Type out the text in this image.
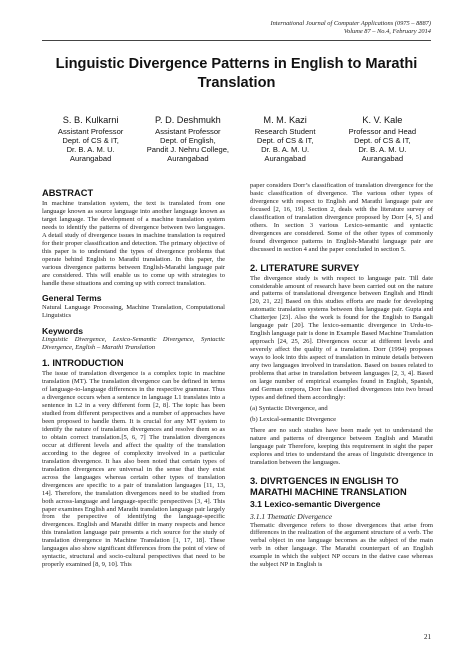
International Journal of Computer Applications (0975 – 8887)
Volume 87 – No.4, February 2014
Linguistic Divergence Patterns in English to Marathi
Translation
S. B. Kulkarni
Assistant Professor
Dept. of CS & IT,
Dr. B. A. M. U.
Aurangabad
P. D. Deshmukh
Assistant Professor
Dept. of English,
Pandit J. Nehru College,
Aurangabad
M. M. Kazi
Research Student
Dept. of CS & IT,
Dr. B. A. M. U.
Aurangabad
K. V. Kale
Professor and Head
Dept. of CS & IT,
Dr. B. A. M. U.
Aurangabad
ABSTRACT

In machine translation system, the text is translated from one language known as source language into another language known as target language. The development of a machine translation system needs to identify the patterns of divergence between two languages. A detail study of divergence issues in machine translation is required for their proper classification and detection. The primary objective of this paper is to understand the types of divergence problems that operate behind English to Marathi translation. In this paper, the various divergence patterns between English-Marathi language pair are considered. This will enable us to come up with strategies to handle these situations and coming up with correct translation.

General Terms

Natural Language Processing, Machine Translation, Computational Linguistics

Keywords

Linguistic Divergence, Lexico-Semantic Divergence, Syntactic Divergence, English – Marathi Translation

1. INTRODUCTION

The issue of translation divergence is a complex topic in machine translation (MT). The translation divergence can be defined in terms of language-to-language differences in the respective grammar. Thus a divergence occurs when a sentence in language L1 translates into a sentence in L2 in a very different form [2, 8]. The topic has been studied from different perspectives and a number of approaches have been proposed to handle them. It is crucial for any MT system to identify the nature of translation divergences and resolve them so as to obtain correct translation.[5, 6, 7] The translation divergences occur at different levels and affect the quality of the translation according to the degree of complexity involved in a particular translation divergence. It has also been noted that certain types of translation divergences are universal in the sense that they exist across the languages whereas certain other types of translation divergences are specific to a pair of translation languages [11, 13, 14]. Therefore, the translation divergences need to be studied from both across-language and language-specific perspectives [3, 4]. This paper examines English and Marathi translation language pair largely from the perspective of identifying the language-specific divergences. English and Marathi differ in many respects and hence this translation language pair presents a rich source for the study of translation divergence in Machine Translation [1, 17, 18]. These languages also show significant differences from the point of view of syntactic, structural and socio-cultural perspectives that need to be properly examined [8, 9, 10]. This

paper considers Dorr’s classification of translation divergence for the basic classification of divergence. The various other types of divergence with respect to English and Marathi language pair are focused [2, 16, 19]. Section 2, deals with the literature survey of classification of translation divergence proposed by Dorr [4, 5] and others. In section 3 various Lexico-semantic and syntactic divergences are considered. Some of the other types of commonly found divergence patterns in English-Marathi language pair are discussed in section 4 and the paper concluded in section 5.

2. LITERATURE SURVEY

The divergence study is with respect to language pair. Till date considerable amount of research have been carried out on the nature and patterns of translational divergence between English and Hindi [20, 21, 22] Based on this studies efforts are made for developing automatic translation systems between this language pair. Gupta and Chatterjee [23]. Also the work is found for the English to Bangali language pair [20]. The lexico-semantic divergence in Urdu-to-English language pair is done in Example Based Machine Translation approach [24, 25, 26]. Divergences occur at different levels and severely affect the quality of a translation. Dorr (1994) proposes ways to look into this aspect of translation in minute details between any two languages involved in translation. Based on issues related to problems that arise in translation between languages [2, 3, 4]. Based on large number of empirical examples found in English, Spanish, and German corpora, Dorr has classified divergences into two broad types and defined them accordingly:

(a) Syntactic Divergence, and

(b) Lexical-semantic Divergence

There are no such studies have been made yet to understand the nature and patterns of divergence between English and Marathi language pair Therefore, keeping this requirement in sight the paper explores and tries to understand the areas of linguistic divergence in translation between the languages.

3. DIVRTGENCES IN ENGLISH TO
MARATHI MACHINE TRANSLATION
3.1 Lexico-semantic Divergence
3.1.1 Thematic Divergence

Thematic divergence refers to those divergences that arise from differences in the realization of the argument structure of a verb. The verbal object in one language becomes as the subject of the main verb in other language. The Marathi counterpart of an English example in which the subject NP occurs in the dative case whereas the subject NP in English is

21
